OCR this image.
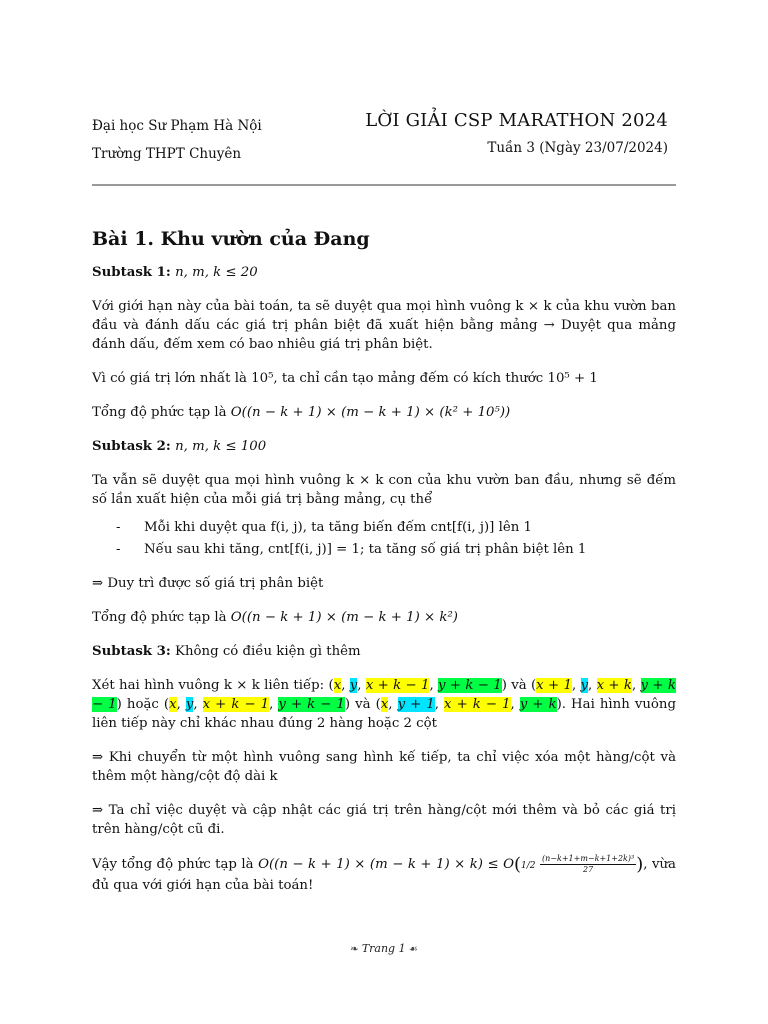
Đại học Sư Phạm Hà Nội
Trường THPT Chuyên
LỜI GIẢI CSP MARATHON 2024
Tuần 3 (Ngày 23/07/2024)
Bài 1. Khu vườn của Đang

Subtask 1: n, m, k ≤ 20

Với giới hạn này của bài toán, ta sẽ duyệt qua mọi hình vuông k × k của khu vườn ban đầu và đánh dấu các giá trị phân biệt đã xuất hiện bằng mảng → Duyệt qua mảng đánh dấu, đếm xem có bao nhiêu giá trị phân biệt.

Vì có giá trị lớn nhất là 10⁵, ta chỉ cần tạo mảng đếm có kích thước 10⁵ + 1

Tổng độ phức tạp là O((n − k + 1) × (m − k + 1) × (k² + 10⁵))

Subtask 2: n, m, k ≤ 100

Ta vẫn sẽ duyệt qua mọi hình vuông k × k con của khu vườn ban đầu, nhưng sẽ đếm số lần xuất hiện của mỗi giá trị bằng mảng, cụ thể

- Mỗi khi duyệt qua f(i, j), ta tăng biến đếm cnt[f(i, j)] lên 1
- Nếu sau khi tăng, cnt[f(i, j)] = 1; ta tăng số giá trị phân biệt lên 1

⇒ Duy trì được số giá trị phân biệt

Tổng độ phức tạp là O((n − k + 1) × (m − k + 1) × k²)

Subtask 3: Không có điều kiện gì thêm

Xét hai hình vuông k × k liên tiếp: (x, y, x + k − 1, y + k − 1) và (x + 1, y, x + k, y + k − 1) hoặc (x, y, x + k − 1, y + k − 1) và (x, y + 1, x + k − 1, y + k). Hai hình vuông liên tiếp này chỉ khác nhau đúng 2 hàng hoặc 2 cột

⇒ Khi chuyển từ một hình vuông sang hình kế tiếp, ta chỉ việc xóa một hàng/cột và thêm một hàng/cột độ dài k

⇒ Ta chỉ việc duyệt và cập nhật các giá trị trên hàng/cột mới thêm và bỏ các giá trị trên hàng/cột cũ đi.

Vậy tổng độ phức tạp là $O((n - k + 1) \times (m - k + 1) \times k) \le O(1/2 \frac{\text{(n−k+1+m−k+1+2k)³}}{27}$ ), vừa đủ qua với giới hạn của bài toán!

❧ Trang 1 ☙
